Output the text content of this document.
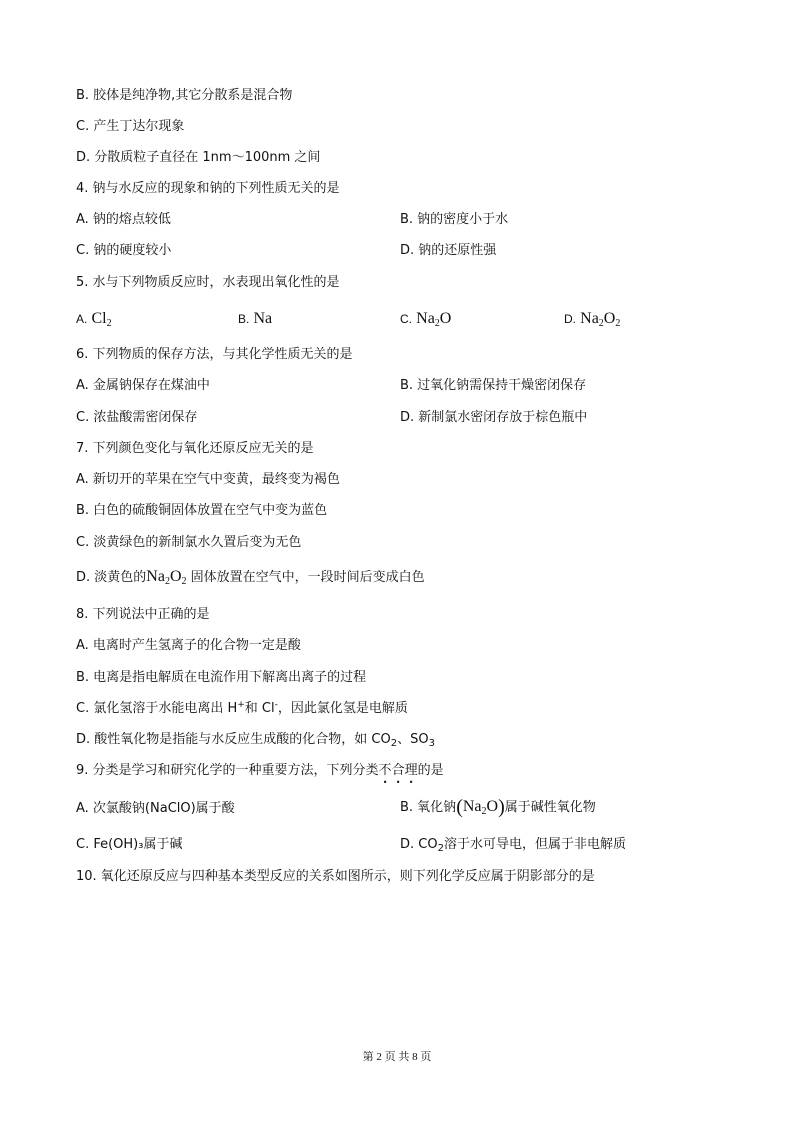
B. 胶体是纯净物,其它分散系是混合物
C. 产生丁达尔现象
D. 分散质粒子直径在 1nm～100nm 之间
4. 钠与水反应的现象和钠的下列性质无关的是
A. 钠的熔点较低	B. 钠的密度小于水
C. 钠的硬度较小	D. 钠的还原性强
5. 水与下列物质反应时，水表现出氧化性的是
A. $Cl_2$	B. Na	C. $Na_2O$	D. $Na_2O_2$
6. 下列物质的保存方法，与其化学性质无关的是
A. 金属钠保存在煤油中	B. 过氧化钠需保持干燥密闭保存
C. 浓盐酸需密闭保存	D. 新制氯水密闭存放于棕色瓶中
7. 下列颜色变化与氧化还原反应无关的是
A. 新切开的苹果在空气中变黄，最终变为褐色
B. 白色的硫酸铜固体放置在空气中变为蓝色
C. 淡黄绿色的新制氯水久置后变为无色
D. 淡黄色的$Na_2O_2$ 固体放置在空气中，一段时间后变成白色
8. 下列说法中正确的是
A. 电离时产生氢离子的化合物一定是酸
B. 电离是指电解质在电流作用下解离出离子的过程
C. 氯化氢溶于水能电离出 H+和 Cl-，因此氯化氢是电解质
D. 酸性氧化物是指能与水反应生成酸的化合物，如 $CO_2$、$SO_3$
9. 分类是学习和研究化学的一种重要方法，下列分类不合理的是
A. 次氯酸钠(NaClO)属于酸	B. 氧化钠$(Na_2O)$属于碱性氧化物
C. Fe(OH)₃属于碱	D. $CO_2$溶于水可导电，但属于非电解质
10. 氧化还原反应与四种基本类型反应的关系如图所示，则下列化学反应属于阴影部分的是
第 2 页 共 8 页
